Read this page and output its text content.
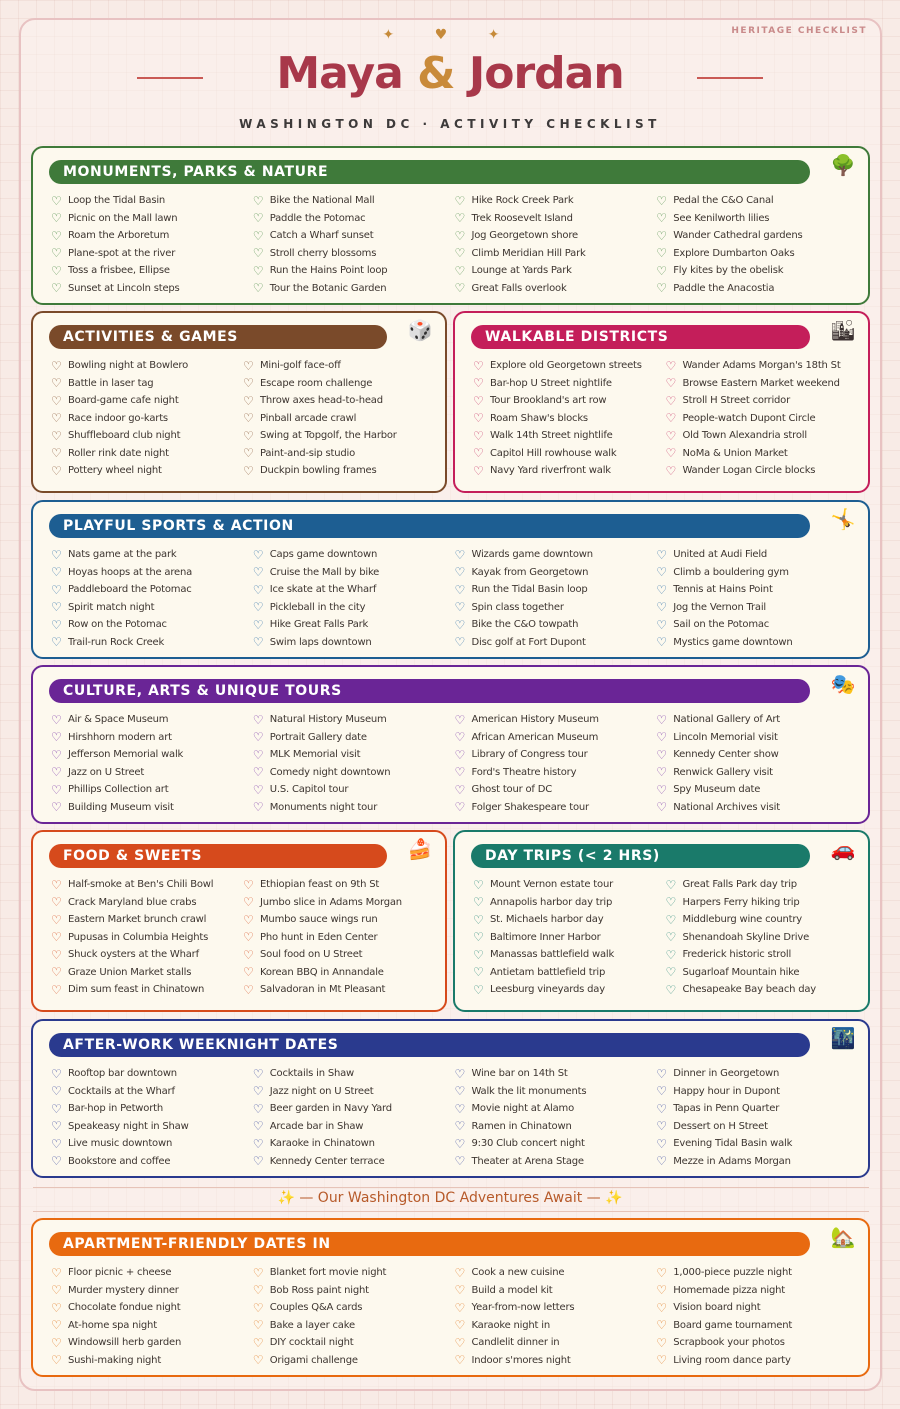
HERITAGE CHECKLIST
✦ ♥ ✦
Maya & Jordan
WASHINGTON DC · ACTIVITY CHECKLIST
MONUMENTS, PARKS & NATURE	🌳
♡ Loop the Tidal Basin
♡ Picnic on the Mall lawn
♡ Roam the Arboretum
♡ Plane-spot at the river
♡ Toss a frisbee, Ellipse
♡ Sunset at Lincoln steps
♡ Bike the National Mall
♡ Paddle the Potomac
♡ Catch a Wharf sunset
♡ Stroll cherry blossoms
♡ Run the Hains Point loop
♡ Tour the Botanic Garden
♡ Hike Rock Creek Park
♡ Trek Roosevelt Island
♡ Jog Georgetown shore
♡ Climb Meridian Hill Park
♡ Lounge at Yards Park
♡ Great Falls overlook
♡ Pedal the C&O Canal
♡ See Kenilworth lilies
♡ Wander Cathedral gardens
♡ Explore Dumbarton Oaks
♡ Fly kites by the obelisk
♡ Paddle the Anacostia
ACTIVITIES & GAMES	🎲
♡ Bowling night at Bowlero
♡ Battle in laser tag
♡ Board-game cafe night
♡ Race indoor go-karts
♡ Shuffleboard club night
♡ Roller rink date night
♡ Pottery wheel night
♡ Mini-golf face-off
♡ Escape room challenge
♡ Throw axes head-to-head
♡ Pinball arcade crawl
♡ Swing at Topgolf, the Harbor
♡ Paint-and-sip studio
♡ Duckpin bowling frames
WALKABLE DISTRICTS	🏙
♡ Explore old Georgetown streets
♡ Bar-hop U Street nightlife
♡ Tour Brookland's art row
♡ Roam Shaw's blocks
♡ Walk 14th Street nightlife
♡ Capitol Hill rowhouse walk
♡ Navy Yard riverfront walk
♡ Wander Adams Morgan's 18th St
♡ Browse Eastern Market weekend
♡ Stroll H Street corridor
♡ People-watch Dupont Circle
♡ Old Town Alexandria stroll
♡ NoMa & Union Market
♡ Wander Logan Circle blocks
PLAYFUL SPORTS & ACTION	🤸
♡ Nats game at the park
♡ Hoyas hoops at the arena
♡ Paddleboard the Potomac
♡ Spirit match night
♡ Row on the Potomac
♡ Trail-run Rock Creek
♡ Caps game downtown
♡ Cruise the Mall by bike
♡ Ice skate at the Wharf
♡ Pickleball in the city
♡ Hike Great Falls Park
♡ Swim laps downtown
♡ Wizards game downtown
♡ Kayak from Georgetown
♡ Run the Tidal Basin loop
♡ Spin class together
♡ Bike the C&O towpath
♡ Disc golf at Fort Dupont
♡ United at Audi Field
♡ Climb a bouldering gym
♡ Tennis at Hains Point
♡ Jog the Vernon Trail
♡ Sail on the Potomac
♡ Mystics game downtown
CULTURE, ARTS & UNIQUE TOURS	🎭
♡ Air & Space Museum
♡ Hirshhorn modern art
♡ Jefferson Memorial walk
♡ Jazz on U Street
♡ Phillips Collection art
♡ Building Museum visit
♡ Natural History Museum
♡ Portrait Gallery date
♡ MLK Memorial visit
♡ Comedy night downtown
♡ U.S. Capitol tour
♡ Monuments night tour
♡ American History Museum
♡ African American Museum
♡ Library of Congress tour
♡ Ford's Theatre history
♡ Ghost tour of DC
♡ Folger Shakespeare tour
♡ National Gallery of Art
♡ Lincoln Memorial visit
♡ Kennedy Center show
♡ Renwick Gallery visit
♡ Spy Museum date
♡ National Archives visit
FOOD & SWEETS	🍰
♡ Half-smoke at Ben's Chili Bowl
♡ Crack Maryland blue crabs
♡ Eastern Market brunch crawl
♡ Pupusas in Columbia Heights
♡ Shuck oysters at the Wharf
♡ Graze Union Market stalls
♡ Dim sum feast in Chinatown
♡ Ethiopian feast on 9th St
♡ Jumbo slice in Adams Morgan
♡ Mumbo sauce wings run
♡ Pho hunt in Eden Center
♡ Soul food on U Street
♡ Korean BBQ in Annandale
♡ Salvadoran in Mt Pleasant
DAY TRIPS (< 2 HRS)	🚗
♡ Mount Vernon estate tour
♡ Annapolis harbor day trip
♡ St. Michaels harbor day
♡ Baltimore Inner Harbor
♡ Manassas battlefield walk
♡ Antietam battlefield trip
♡ Leesburg vineyards day
♡ Great Falls Park day trip
♡ Harpers Ferry hiking trip
♡ Middleburg wine country
♡ Shenandoah Skyline Drive
♡ Frederick historic stroll
♡ Sugarloaf Mountain hike
♡ Chesapeake Bay beach day
AFTER-WORK WEEKNIGHT DATES	🌃
♡ Rooftop bar downtown
♡ Cocktails at the Wharf
♡ Bar-hop in Petworth
♡ Speakeasy night in Shaw
♡ Live music downtown
♡ Bookstore and coffee
♡ Cocktails in Shaw
♡ Jazz night on U Street
♡ Beer garden in Navy Yard
♡ Arcade bar in Shaw
♡ Karaoke in Chinatown
♡ Kennedy Center terrace
♡ Wine bar on 14th St
♡ Walk the lit monuments
♡ Movie night at Alamo
♡ Ramen in Chinatown
♡ 9:30 Club concert night
♡ Theater at Arena Stage
♡ Dinner in Georgetown
♡ Happy hour in Dupont
♡ Tapas in Penn Quarter
♡ Dessert on H Street
♡ Evening Tidal Basin walk
♡ Mezze in Adams Morgan
✨ — Our Washington DC Adventures Await — ✨
APARTMENT-FRIENDLY DATES IN	🏡
♡ Floor picnic + cheese
♡ Murder mystery dinner
♡ Chocolate fondue night
♡ At-home spa night
♡ Windowsill herb garden
♡ Sushi-making night
♡ Blanket fort movie night
♡ Bob Ross paint night
♡ Couples Q&A cards
♡ Bake a layer cake
♡ DIY cocktail night
♡ Origami challenge
♡ Cook a new cuisine
♡ Build a model kit
♡ Year-from-now letters
♡ Karaoke night in
♡ Candlelit dinner in
♡ Indoor s'mores night
♡ 1,000-piece puzzle night
♡ Homemade pizza night
♡ Vision board night
♡ Board game tournament
♡ Scrapbook your photos
♡ Living room dance party
